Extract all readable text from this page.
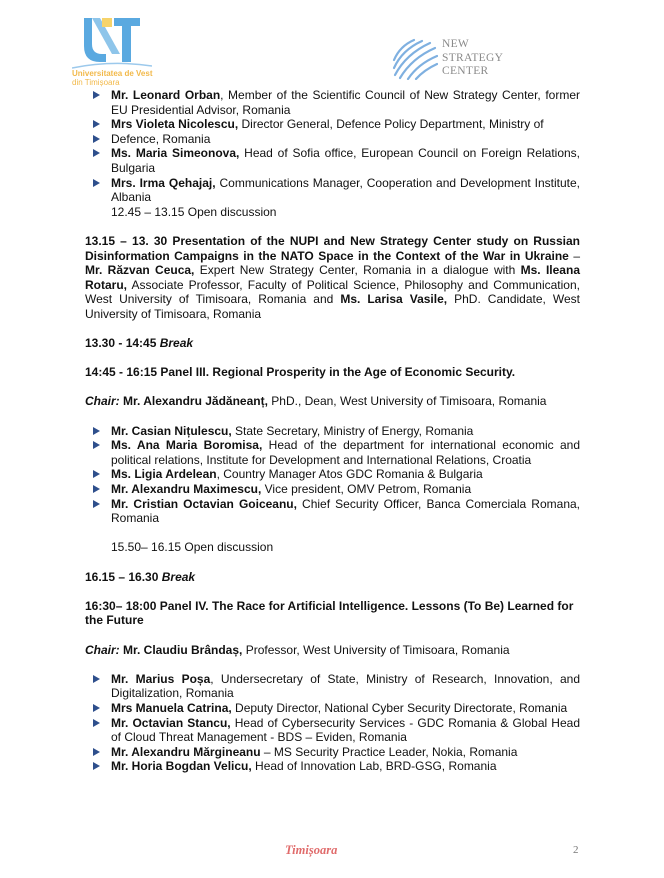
Universitatea de Vest
din Timișoara
NEW
STRATEGY
CENTER
Mr. Leonard Orban, Member of the Scientific Council of New Strategy Center, former EU Presidential Advisor, Romania
Mrs Violeta Nicolescu, Director General, Defence Policy Department, Ministry of
Defence, Romania
Ms. Maria Simeonova, Head of Sofia office, European Council on Foreign Relations, Bulgaria
Mrs. Irma Qehajaj, Communications Manager, Cooperation and Development Institute, Albania
12.45 – 13.15 Open discussion
13.15 – 13. 30 Presentation of the NUPI and New Strategy Center study on Russian Disinformation Campaigns in the NATO Space in the Context of the War in Ukraine – Mr. Răzvan Ceuca, Expert New Strategy Center, Romania in a dialogue with Ms. Ileana Rotaru, Associate Professor, Faculty of Political Science, Philosophy and Communication, West University of Timisoara, Romania and Ms. Larisa Vasile, PhD. Candidate, West University of Timisoara, Romania
13.30 - 14:45 Break
14:45 - 16:15 Panel III. Regional Prosperity in the Age of Economic Security.
Chair: Mr. Alexandru Jădăneanț, PhD., Dean, West University of Timisoara, Romania
Mr. Casian Nițulescu, State Secretary, Ministry of Energy, Romania
Ms. Ana Maria Boromisa, Head of the department for international economic and political relations, Institute for Development and International Relations, Croatia
Ms. Ligia Ardelean, Country Manager Atos GDC Romania & Bulgaria
Mr. Alexandru Maximescu, Vice president, OMV Petrom, Romania
Mr. Cristian Octavian Goiceanu, Chief Security Officer, Banca Comerciala Romana, Romania
15.50– 16.15 Open discussion
16.15 – 16.30 Break
16:30– 18:00 Panel IV. The Race for Artificial Intelligence. Lessons (To Be) Learned for the Future
Chair: Mr. Claudiu Brândaș, Professor, West University of Timisoara, Romania
Mr. Marius Poșa, Undersecretary of State, Ministry of Research, Innovation, and Digitalization, Romania
Mrs Manuela Catrina, Deputy Director, National Cyber Security Directorate, Romania
Mr. Octavian Stancu, Head of Cybersecurity Services - GDC Romania & Global Head of Cloud Threat Management - BDS – Eviden, Romania
Mr. Alexandru Mărgineanu – MS Security Practice Leader, Nokia, Romania
Mr. Horia Bogdan Velicu, Head of Innovation Lab, BRD-GSG, Romania
Timișoara	2
